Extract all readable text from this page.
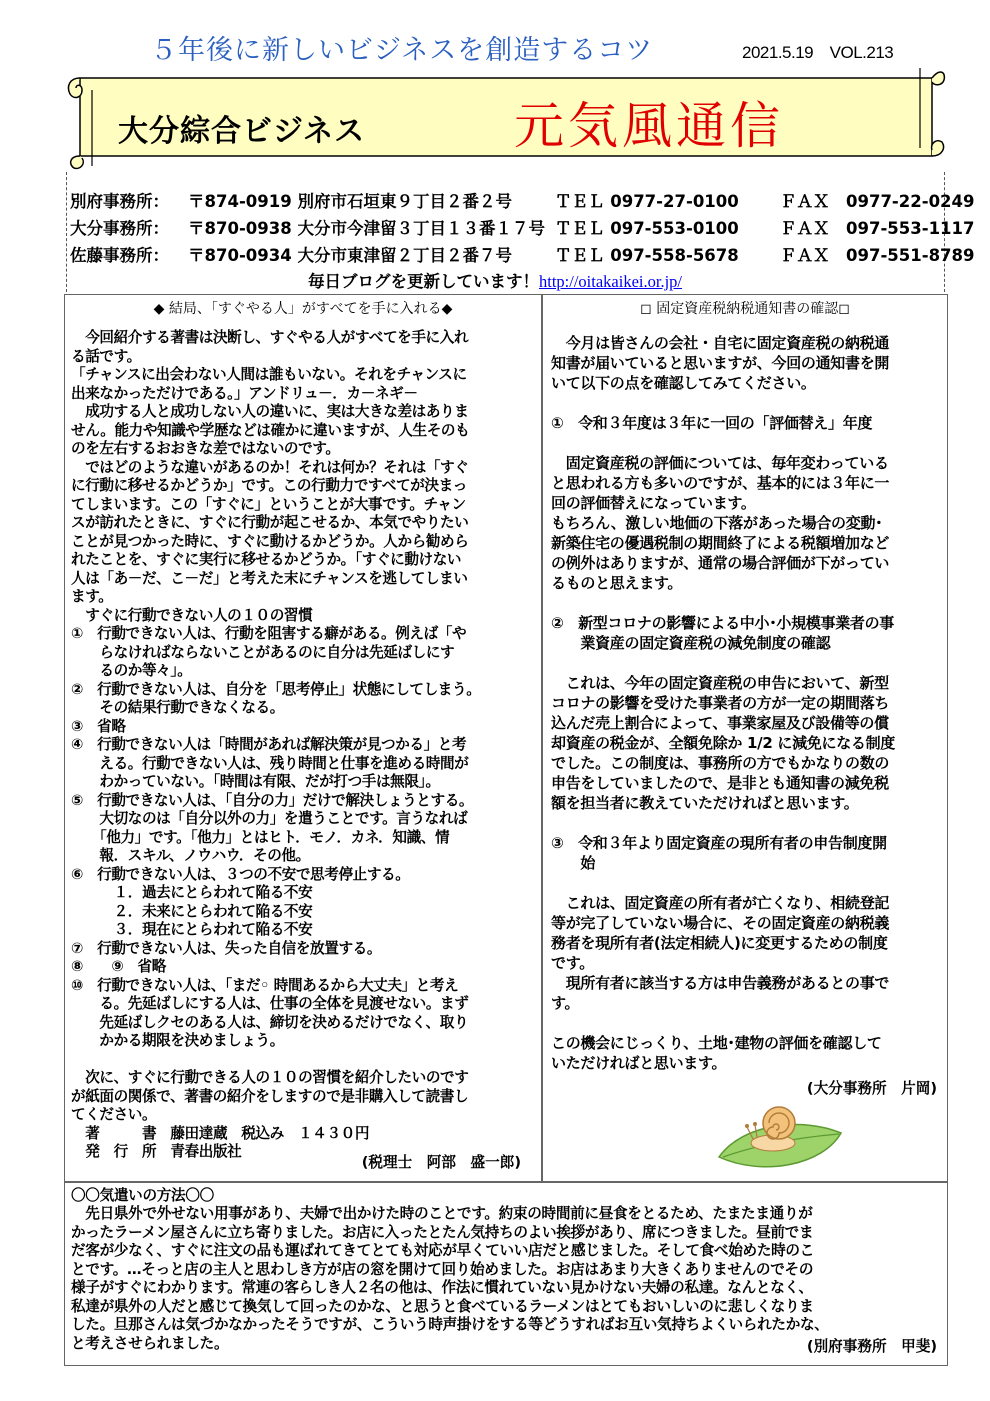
５年後に新しいビジネスを創造するコツ	2021.5.19　VOL.213
大分綜合ビジネス	元気風通信
別府事務所： 〒874-0919 別府市石垣東９丁目２番２号	ＴＥＬ 0977-27-0100	ＦＡＸ　0977-22-0249
大分事務所： 〒870-0938 大分市今津留３丁目１３番１７号 ＴＥＬ 097-553-0100	ＦＡＸ　097-553-1117
佐藤事務所： 〒870-0934 大分市東津留２丁目２番７号	ＴＥＬ 097-558-5678	ＦＡＸ　097-551-8789
毎日ブログを更新しています！http://oitakaikei.or.jp/
◆ 結局、「すぐやる人」がすべてを手に入れる◆
　今回紹介する著書は決断し、すぐやる人がすべてを手に入れ
る話です。
「チャンスに出会わない人間は誰もいない。それをチャンスに
出来なかっただけである。」アンドリュ－．カ－ネギ－
　成功する人と成功しない人の違いに、実は大きな差はありま
せん。能力や知識や学歴などは確かに違いますが、人生そのも
のを左右するおおきな差ではないのです。
　ではどのような違いがあるのか！それは何か？それは「すぐ
に行動に移せるかどうか」です。この行動力ですべてが決まっ
てしまいます。この「すぐに」ということが大事です。チャン
スが訪れたときに、すぐに行動が起こせるか、本気でやりたい
ことが見つかった時に、すぐに動けるかどうか。人から勧めら
れたことを、すぐに実行に移せるかどうか。「すぐに動けない
人は「あ－だ、こ－だ」と考えた末にチャンスを逃してしまい
ます。
　すぐに行動できない人の１０の習慣
①　行動できない人は、行動を阻害する癖がある。例えば「や
　　らなければならないことがあるのに自分は先延ばしにす
　　るのか等々」。
②　行動できない人は、自分を「思考停止」状態にしてしまう。
　　その結果行動できなくなる。
③　省略
④　行動できない人は「時間があれば解決策が見つかる」と考
　　える。行動できない人は、残り時間と仕事を進める時間が
　　わかっていない。「時間は有限、だが打つ手は無限」。
⑤　行動できない人は、「自分の力」だけで解決しょうとする。
　　大切なのは「自分以外の力」を遣うことです。言うなれば
　　「他力」です。「他力」とはヒト．モノ．カネ．知識、情
　　報．スキル、ノウハウ．その他。
⑥　行動できない人は、３つの不安で思考停止する。
　　　１．過去にとらわれて陥る不安
　　　２．未来にとらわれて陥る不安
　　　３．現在にとらわれて陥る不安
⑦　行動できない人は、失った自信を放置する。
⑧　　⑨　省略
⑩　行動できない人は、「まだ◦ 時間あるから大丈夫」と考え
　　る。先延ばしにする人は、仕事の全体を見渡せない。まず
　　先延ばしクセのある人は、締切を決めるだけでなく、取り
　　かかる期限を決めましょう。

　次に、すぐに行動できる人の１０の習慣を紹介したいのです
が紙面の関係で、著書の紹介をしますので是非購入して読書し
てください。
　著　　　書　藤田達蔵　税込み　１４３０円
　発　行　所　青春出版社
(税理士　阿部　盛一郎)
◻ 固定資産税納税通知書の確認◻
　今月は皆さんの会社・自宅に固定資産税の納税通
知書が届いていると思いますが、今回の通知書を開
いて以下の点を確認してみてください。

①　令和３年度は３年に一回の「評価替え」年度

　固定資産税の評価については、毎年変わっている
と思われる方も多いのですが、基本的には３年に一
回の評価替えになっています。
もちろん、激しい地価の下落があった場合の変動･
新築住宅の優遇税制の期間終了による税額増加など
の例外はありますが、通常の場合評価が下がってい
るものと思えます。

②　新型コロナの影響による中小･小規模事業者の事
　　業資産の固定資産税の減免制度の確認

　これは、今年の固定資産税の申告において、新型
コロナの影響を受けた事業者の方が一定の期間落ち
込んだ売上割合によって、事業家屋及び設備等の償
却資産の税金が、全額免除か 1/2 に減免になる制度
でした。この制度は、事務所の方でもかなりの数の
申告をしていましたので、是非とも通知書の減免税
額を担当者に教えていただければと思います。

③　令和３年より固定資産の現所有者の申告制度開
　　始

　これは、固定資産の所有者が亡くなり、相続登記
等が完了していない場合に、その固定資産の納税義
務者を現所有者(法定相続人)に変更するための制度
です。
　現所有者に該当する方は申告義務があるとの事で
す。

この機会にじっくり、土地･建物の評価を確認して
いただければと思います。
(大分事務所　片岡)
〇〇気遣いの方法〇〇
　先日県外で外せない用事があり、夫婦で出かけた時のことです。約束の時間前に昼食をとるため、たまたま通りが
かったラーメン屋さんに立ち寄りました。お店に入ったとたん気持ちのよい挨拶があり、席につきました。昼前でま
だ客が少なく、すぐに注文の品も運ばれてきてとても対応が早くていい店だと感じました。そして食べ始めた時のこ
とです。…そっと店の主人と思わしき方が店の窓を開けて回り始めました。お店はあまり大きくありませんのでその
様子がすぐにわかります。常連の客らしき人２名の他は、作法に慣れていない見かけない夫婦の私達。なんとなく、
私達が県外の人だと感じて換気して回ったのかな、と思うと食べているラーメンはとてもおいしいのに悲しくなりま
した。旦那さんは気づかなかったそうですが、こういう時声掛けをする等どうすればお互い気持ちよくいられたかな、
と考えさせられました。	(別府事務所　甲斐)
